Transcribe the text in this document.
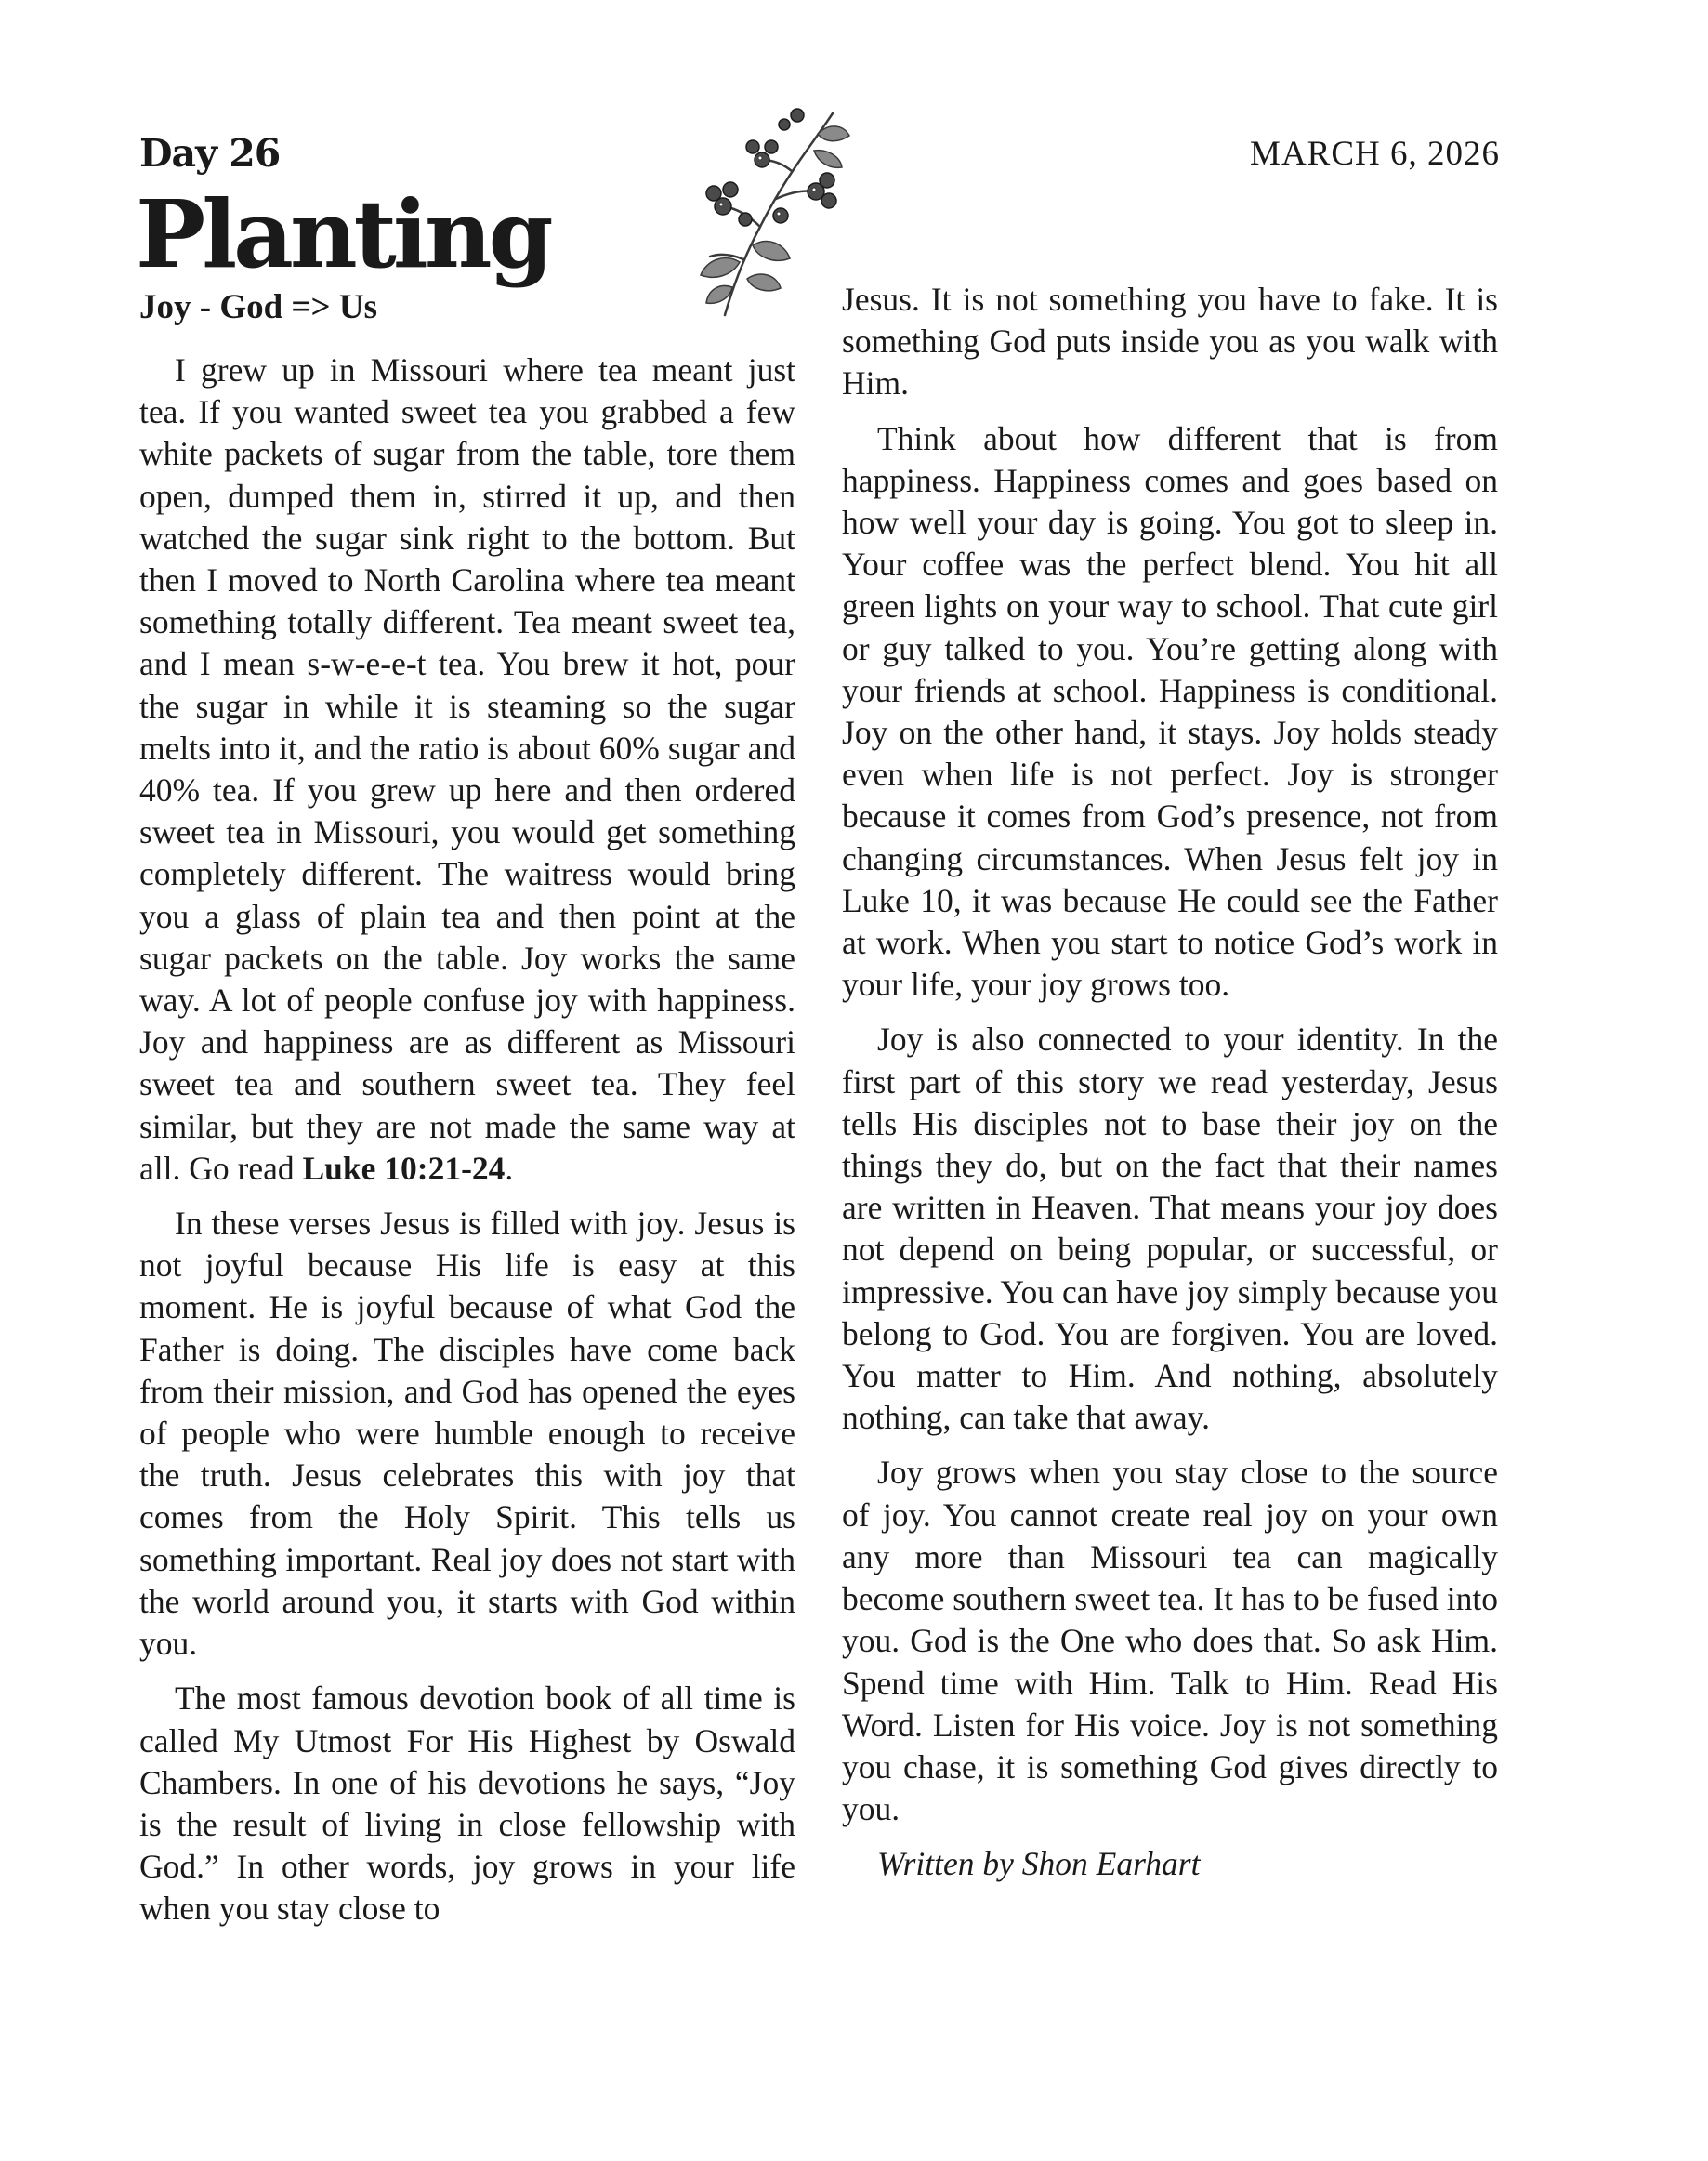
Day 26
Planting
Joy - God => Us
MARCH 6, 2026

I grew up in Missouri where tea meant just tea. If you wanted sweet tea you grabbed a few white packets of sugar from the table, tore them open, dumped them in, stirred it up, and then watched the sugar sink right to the bottom. But then I moved to North Carolina where tea meant something totally different. Tea meant sweet tea, and I mean s-w-e-e-t tea. You brew it hot, pour the sugar in while it is steaming so the sugar melts into it, and the ratio is about 60% sugar and 40% tea. If you grew up here and then ordered sweet tea in Missouri, you would get something completely different. The waitress would bring you a glass of plain tea and then point at the sugar packets on the table. Joy works the same way. A lot of people confuse joy with happiness. Joy and happiness are as different as Missouri sweet tea and southern sweet tea. They feel similar, but they are not made the same way at all. Go read Luke 10:21-24.

In these verses Jesus is filled with joy. Jesus is not joyful because His life is easy at this moment. He is joyful because of what God the Father is doing. The disciples have come back from their mission, and God has opened the eyes of people who were humble enough to receive the truth. Jesus celebrates this with joy that comes from the Holy Spirit. This tells us something important. Real joy does not start with the world around you, it starts with God within you.

The most famous devotion book of all time is called My Utmost For His Highest by Oswald Chambers. In one of his devotions he says, “Joy is the result of living in close fellowship with God.” In other words, joy grows in your life when you stay close to

Jesus. It is not something you have to fake. It is something God puts inside you as you walk with Him.

Think about how different that is from happiness. Happiness comes and goes based on how well your day is going. You got to sleep in. Your coffee was the perfect blend. You hit all green lights on your way to school. That cute girl or guy talked to you. You’re getting along with your friends at school. Happiness is conditional. Joy on the other hand, it stays. Joy holds steady even when life is not perfect. Joy is stronger because it comes from God’s presence, not from changing circumstances. When Jesus felt joy in Luke 10, it was because He could see the Father at work. When you start to notice God’s work in your life, your joy grows too.

Joy is also connected to your identity. In the first part of this story we read yesterday, Jesus tells His disciples not to base their joy on the things they do, but on the fact that their names are written in Heaven. That means your joy does not depend on being popular, or successful, or impressive. You can have joy simply because you belong to God. You are forgiven. You are loved. You matter to Him. And nothing, absolutely nothing, can take that away.

Joy grows when you stay close to the source of joy. You cannot create real joy on your own any more than Missouri tea can magically become southern sweet tea. It has to be fused into you. God is the One who does that. So ask Him. Spend time with Him. Talk to Him. Read His Word. Listen for His voice. Joy is not something you chase, it is something God gives directly to you.

Written by Shon Earhart
